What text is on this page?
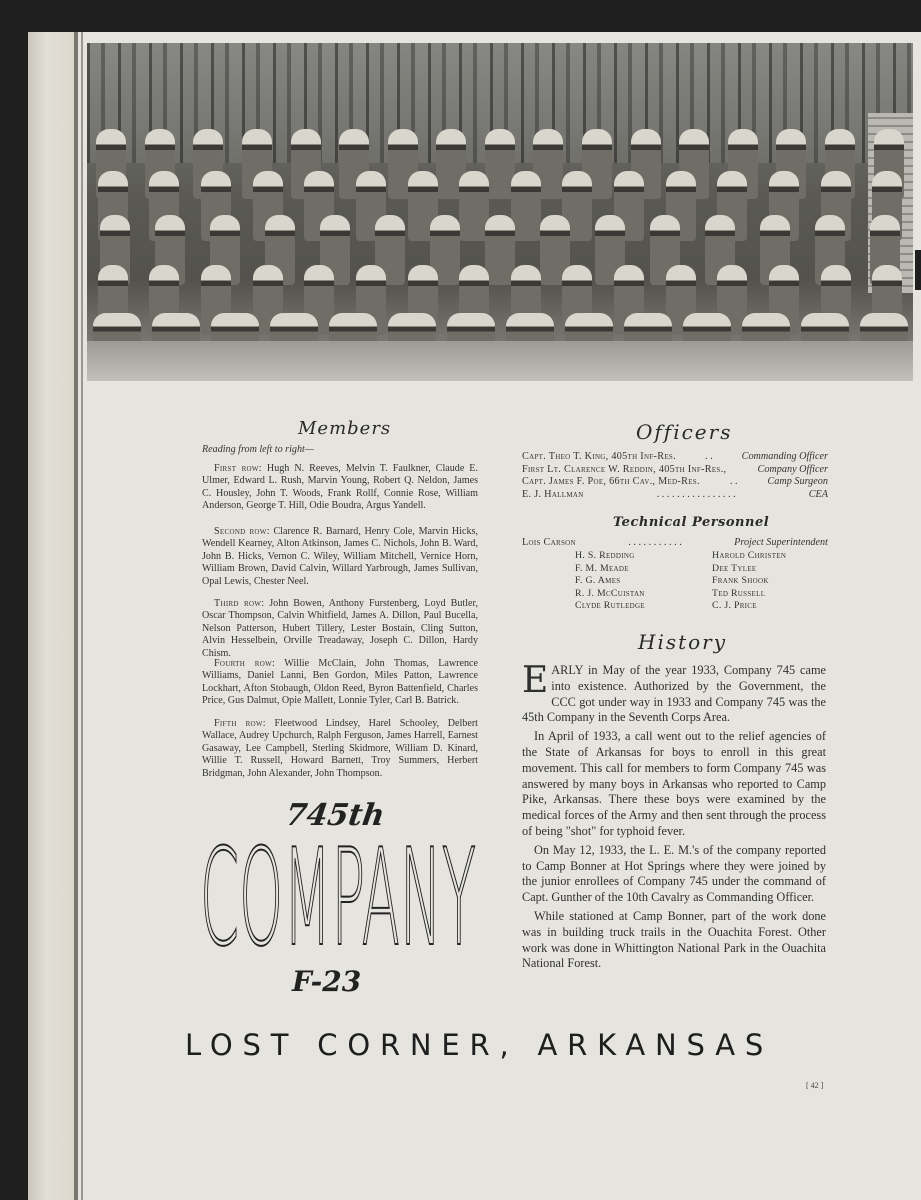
Members
Reading from left to right—
First row: Hugh N. Reeves, Melvin T. Faulkner, Claude E. Ulmer, Edward L. Rush, Marvin Young, Robert Q. Neldon, James C. Housley, John T. Woods, Frank Rollf, Connie Rose, William Anderson, George T. Hill, Odie Boudra, Argus Yandell.
Second row: Clarence R. Barnard, Henry Cole, Marvin Hicks, Wendell Kearney, Alton Atkinson, James C. Nichols, John B. Ward, John B. Hicks, Vernon C. Wiley, William Mitchell, Vernice Horn, William Brown, David Calvin, Willard Yarbrough, James Sullivan, Opal Lewis, Chester Neel.
Third row: John Bowen, Anthony Furstenberg, Loyd Butler, Oscar Thompson, Calvin Whitfield, James A. Dillon, Paul Bucella, Nelson Patterson, Hubert Tillery, Lester Bostain, Cling Sutton, Alvin Hesselbein, Orville Treadaway, Joseph C. Dillon, Hardy Chism.
Fourth row: Willie McClain, John Thomas, Lawrence Williams, Daniel Lanni, Ben Gordon, Miles Patton, Lawrence Lockhart, Afton Stobaugh, Oldon Reed, Byron Battenfield, Charles Price, Gus Dalmut, Opie Mallett, Lonnie Tyler, Carl B. Batrick.
Fifth row: Fleetwood Lindsey, Harel Schooley, Delbert Wallace, Audrey Upchurch, Ralph Ferguson, James Harrell, Earnest Gasaway, Lee Campbell, Sterling Skidmore, William D. Kinard, Willie T. Russell, Howard Barnett, Troy Summers, Herbert Bridgman, John Alexander, John Thompson.
Officers
Capt. Theo T. King, 405th Inf-Res.	. .	Commanding Officer
First Lt. Clarence W. Reddin, 405th Inf-Res.,	Company Officer
Capt. James F. Poe, 66th Cav., Med-Res.	. .	Camp Surgeon
E. J. Hallman	. . . . . . . . . . . . . . . .	CEA
Technical Personnel
Lois Carson	. . . . . . . . . . .	Project Superintendent
H. S. Redding	Harold Christen
F. M. Meade	Dee Tylee
F. G. Ames	Frank Shook
R. J. McCuistan	Ted Russell
Clyde Rutledge	C. J. Price
History

EARLY in May of the year 1933, Company 745 came into existence. Authorized by the Government, the CCC got under way in 1933 and Company 745 was the 45th Company in the Seventh Corps Area.

In April of 1933, a call went out to the relief agencies of the State of Arkansas for boys to enroll in this great movement. This call for members to form Company 745 was answered by many boys in Arkansas who reported to Camp Pike, Arkansas. There these boys were examined by the medical forces of the Army and then sent through the process of being "shot" for typhoid fever.

On May 12, 1933, the L. E. M.'s of the company reported to Camp Bonner at Hot Springs where they were joined by the junior enrollees of Company 745 under the command of Capt. Gunther of the 10th Cavalry as Commanding Officer.

While stationed at Camp Bonner, part of the work done was in building truck trails in the Ouachita Forest. Other work was done in Whittington National Park in the Ouachita National Forest.

745th
COMPANY
F-23
LOST CORNER, ARKANSAS
[ 42 ]
